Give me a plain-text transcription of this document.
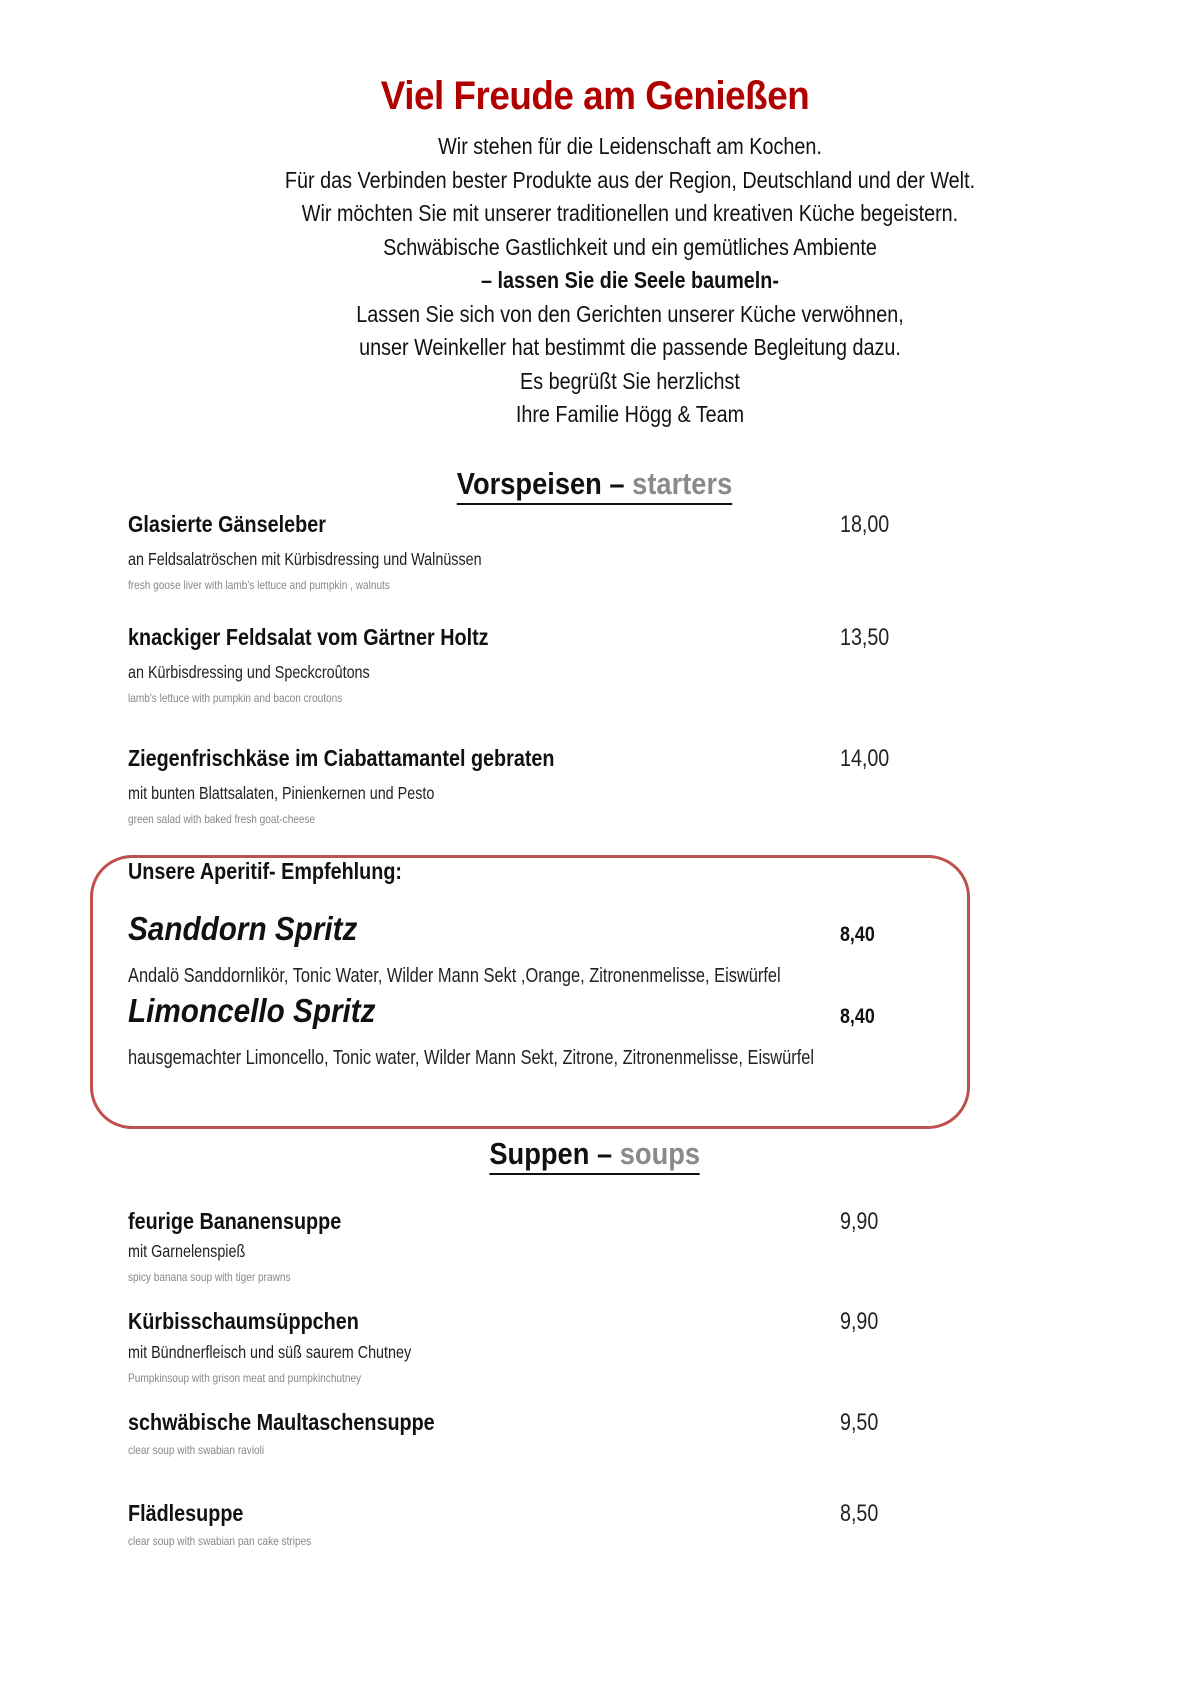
Viel Freude am Genießen
Wir stehen für die Leidenschaft am Kochen.
Für das Verbinden bester Produkte aus der Region, Deutschland und der Welt.
Wir möchten Sie mit unserer traditionellen und kreativen Küche begeistern.
Schwäbische Gastlichkeit und ein gemütliches Ambiente
– lassen Sie die Seele baumeln-
Lassen Sie sich von den Gerichten unserer Küche verwöhnen,
unser Weinkeller hat bestimmt die passende Begleitung dazu.
Es begrüßt Sie herzlichst
Ihre Familie Högg & Team
Vorspeisen – starters
Glasierte Gänseleber	18,00
an Feldsalatröschen mit Kürbisdressing und Walnüssen
fresh goose liver with lamb's lettuce and pumpkin , walnuts
knackiger Feldsalat vom Gärtner Holtz	13,50
an Kürbisdressing und Speckcroûtons
lamb's lettuce with pumpkin and bacon croutons
Ziegenfrischkäse im Ciabattamantel gebraten	14,00
mit bunten Blattsalaten, Pinienkernen und Pesto
green salad with baked fresh goat-cheese
Unsere Aperitif- Empfehlung:
Sanddorn Spritz	8,40
Andalö Sanddornlikör, Tonic Water, Wilder Mann Sekt ,Orange, Zitronenmelisse, Eiswürfel
Limoncello Spritz	8,40
hausgemachter Limoncello, Tonic water, Wilder Mann Sekt, Zitrone, Zitronenmelisse, Eiswürfel
Suppen – soups
feurige Bananensuppe	9,90
mit Garnelenspieß
spicy banana soup with tiger prawns
Kürbisschaumsüppchen	9,90
mit Bündnerfleisch und süß saurem Chutney
Pumpkinsoup with grison meat and pumpkinchutney
schwäbische Maultaschensuppe	9,50
clear soup with swabian ravioli
Flädlesuppe	8,50
clear soup with swabian pan cake stripes
